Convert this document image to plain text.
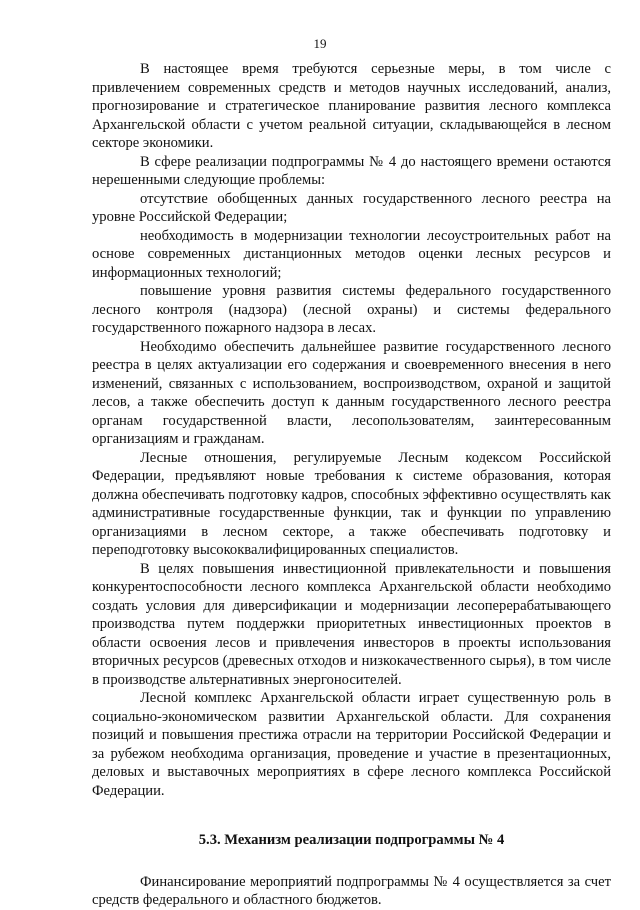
19

В настоящее время требуются серьезные меры, в том числе с привлечением современных средств и методов научных исследований, анализ, прогнозирование и стратегическое планирование развития лесного комплекса Архангельской области с учетом реальной ситуации, складывающейся в лесном секторе экономики.

В сфере реализации подпрограммы № 4 до настоящего времени остаются нерешенными следующие проблемы:

отсутствие обобщенных данных государственного лесного реестра на уровне Российской Федерации;

необходимость в модернизации технологии лесоустроительных работ на основе современных дистанционных методов оценки лесных ресурсов и информационных технологий;

повышение уровня развития системы федерального государственного лесного контроля (надзора) (лесной охраны) и системы федерального государственного пожарного надзора в лесах.

Необходимо обеспечить дальнейшее развитие государственного лесного реестра в целях актуализации его содержания и своевременного внесения в него изменений, связанных с использованием, воспроизводством, охраной и защитой лесов, а также обеспечить доступ к данным государственного лесного реестра органам государственной власти, лесопользователям, заинтересованным организациям и гражданам.

Лесные отношения, регулируемые Лесным кодексом Российской Федерации, предъявляют новые требования к системе образования, которая должна обеспечивать подготовку кадров, способных эффективно осуществлять как административные государственные функции, так и функции по управлению организациями в лесном секторе, а также обеспечивать подготовку и переподготовку высококвалифицированных специалистов.

В целях повышения инвестиционной привлекательности и повышения конкурентоспособности лесного комплекса Архангельской области необходимо создать условия для диверсификации и модернизации лесоперерабатывающего производства путем поддержки приоритетных инвестиционных проектов в области освоения лесов и привлечения инвесторов в проекты использования вторичных ресурсов (древесных отходов и низкокачественного сырья), в том числе в производстве альтернативных энергоносителей.

Лесной комплекс Архангельской области играет существенную роль в социально-экономическом развитии Архангельской области. Для сохранения позиций и повышения престижа отрасли на территории Российской Федерации и за рубежом необходима организация, проведение и участие в презентационных, деловых и выставочных мероприятиях в сфере лесного комплекса Российской Федерации.

5.3. Механизм реализации подпрограммы № 4

Финансирование мероприятий подпрограммы № 4 осуществляется за счет средств федерального и областного бюджетов.
